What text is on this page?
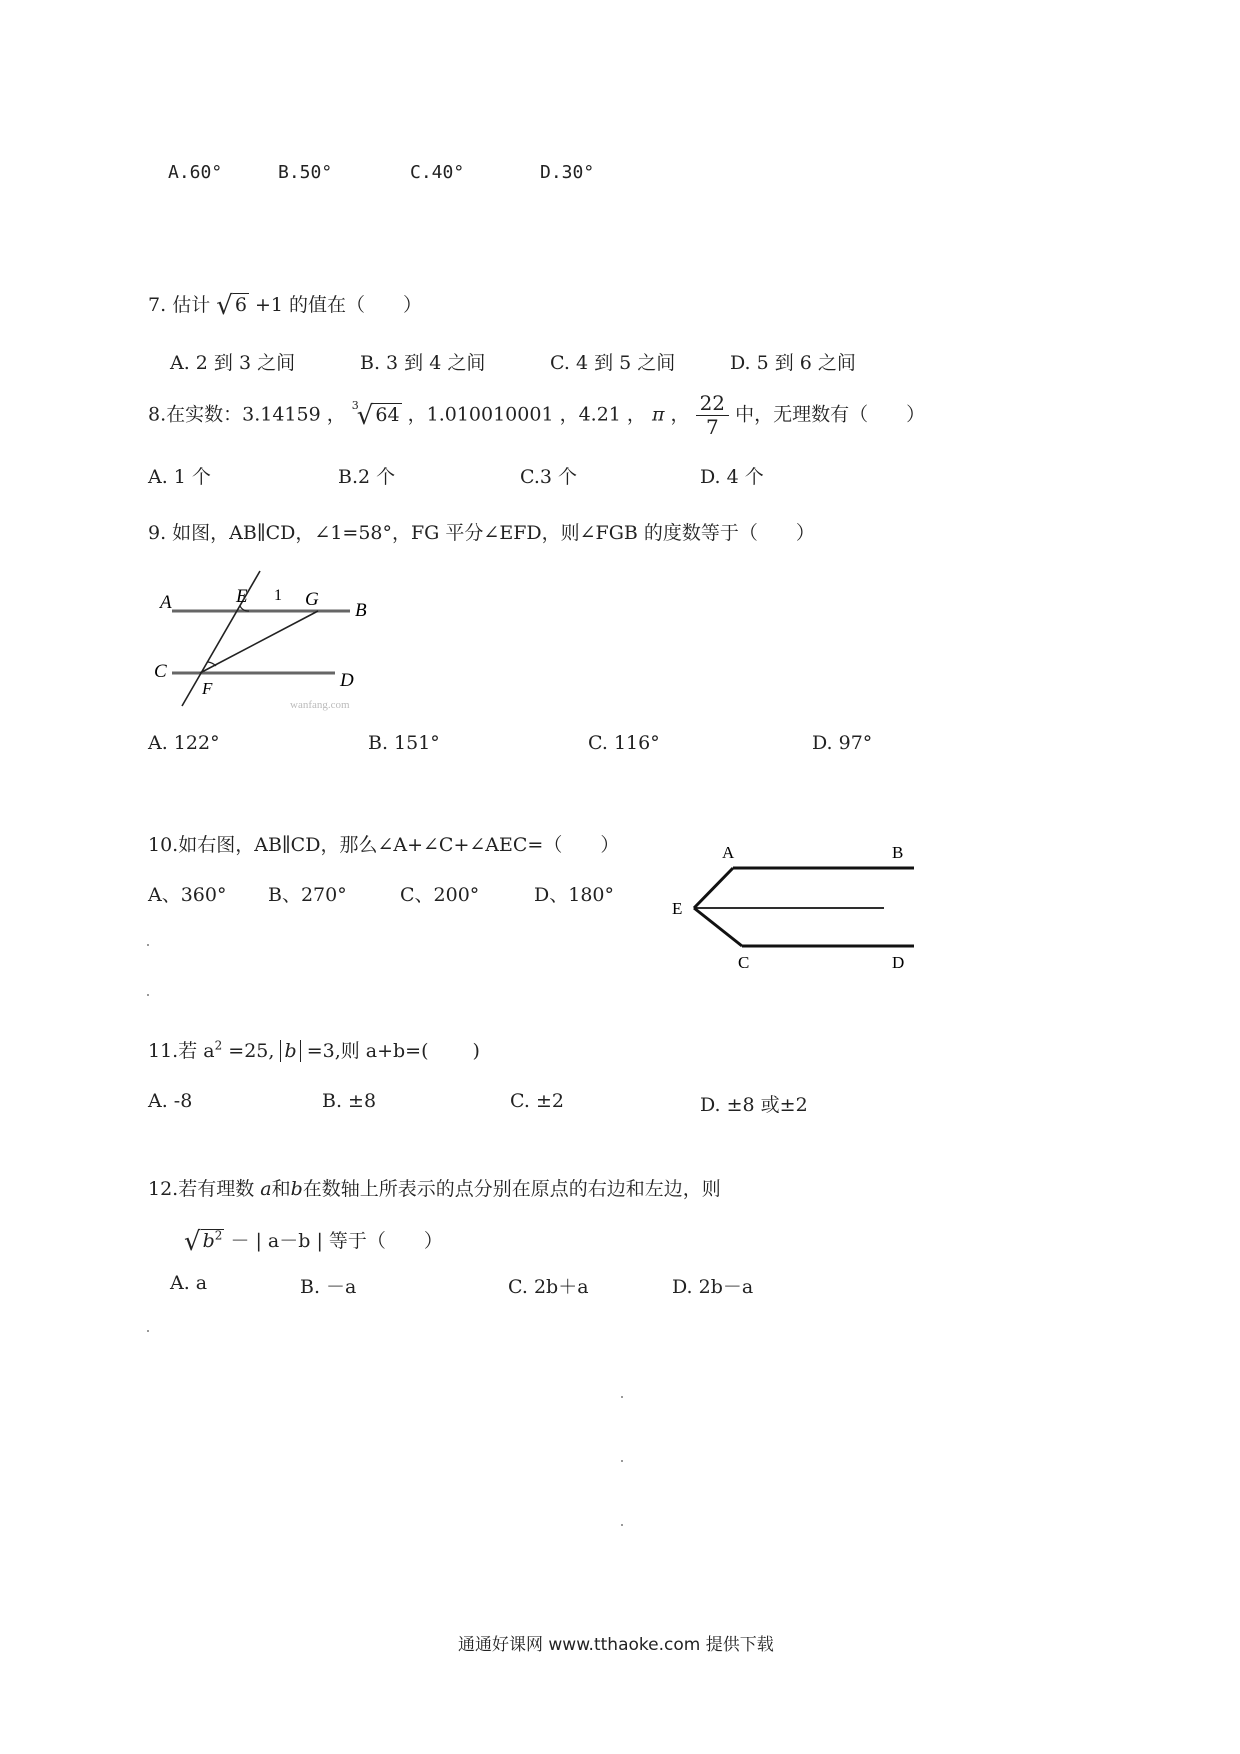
A.60°	B.50°	C.40°	D.30°
7. 估计 √ 6 +1 的值在（　　）
A. 2 到 3 之间	B. 3 到 4 之间	C. 4 到 5 之间	D. 5 到 6 之间
8.在实数：3.14159 ， $^3$√ 64 ，1.010010001 ，4.21 ， π ， $\frac{22}{7}$ 中，无理数有（　　）
A. 1 个	B.2 个	C.3 个	D. 4 个
9. 如图，AB∥CD，∠1=58°，FG 平分∠EFD，则∠FGB 的度数等于（　　）
A	B
C	D
E
F
G
1
wanfang.com
A. 122°	B. 151°	C. 116°	D. 97°
10.如右图，AB∥CD，那么∠A+∠C+∠AEC=（　　）
A、360° B、270°	C、200°	D、180°
A	B
E
C	D
11.若 $a^2 =25$, b =3,则 a+b=(　　 )
A. -8	B. ±8	C. ±2	D. ±8 或±2
12.若有理数 a和b在数轴上所表示的点分别在原点的右边和左边，则
√ $b^2$ － | a－b | 等于（　　）
A. a	B. －a	C. 2b＋a	D. 2b－a
通通好课网 www.tthaoke.com 提供下载
